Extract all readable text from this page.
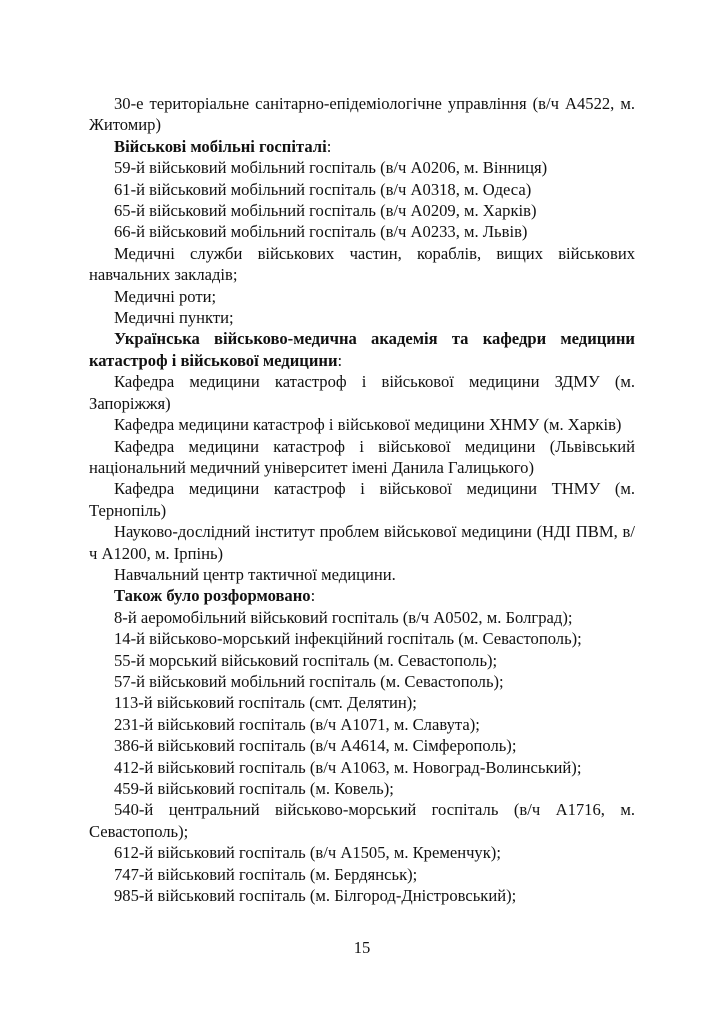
30-е територіальне санітарно-епідеміологічне управління (в/ч А4522, м. Житомир)

Військові мобільні госпіталі:

59-й військовий мобільний госпіталь (в/ч А0206, м. Вінниця)

61-й військовий мобільний госпіталь (в/ч А0318, м. Одеса)

65-й військовий мобільний госпіталь (в/ч А0209, м. Харків)

66-й військовий мобільний госпіталь (в/ч А0233, м. Львів)

Медичні служби військових частин, кораблів, вищих військових навчальних закладів;

Медичні роти;

Медичні пункти;

Українська військово-медична академія та кафедри медицини катастроф і військової медицини:

Кафедра медицини катастроф і військової медицини ЗДМУ (м. Запоріжжя)

Кафедра медицини катастроф і військової медицини ХНМУ (м. Харків)

Кафедра медицини катастроф і військової медицини (Львівський національний медичний університет імені Данила Галицького)

Кафедра медицини катастроф і військової медицини ТНМУ (м. Тернопіль)

Науково-дослідний інститут проблем військової медицини (НДІ ПВМ, в/ч А1200, м. Ірпінь)

Навчальний центр тактичної медицини.

Також було розформовано:

8-й аеромобільний військовий госпіталь (в/ч А0502, м. Болград);

14-й військово-морський інфекційний госпіталь (м. Севастополь);

55-й морський військовий госпіталь (м. Севастополь);

57-й військовий мобільний госпіталь (м. Севастополь);

113-й військовий госпіталь (смт. Делятин);

231-й військовий госпіталь (в/ч А1071, м. Славута);

386-й військовий госпіталь (в/ч А4614, м. Сімферополь);

412-й військовий госпіталь (в/ч А1063, м. Новоград-Волинський);

459-й військовий госпіталь (м. Ковель);

540-й центральний військово-морський госпіталь (в/ч А1716, м. Севастополь);

612-й військовий госпіталь (в/ч А1505, м. Кременчук);

747-й військовий госпіталь (м. Бердянськ);

985-й військовий госпіталь (м. Білгород-Дністровський);

15
